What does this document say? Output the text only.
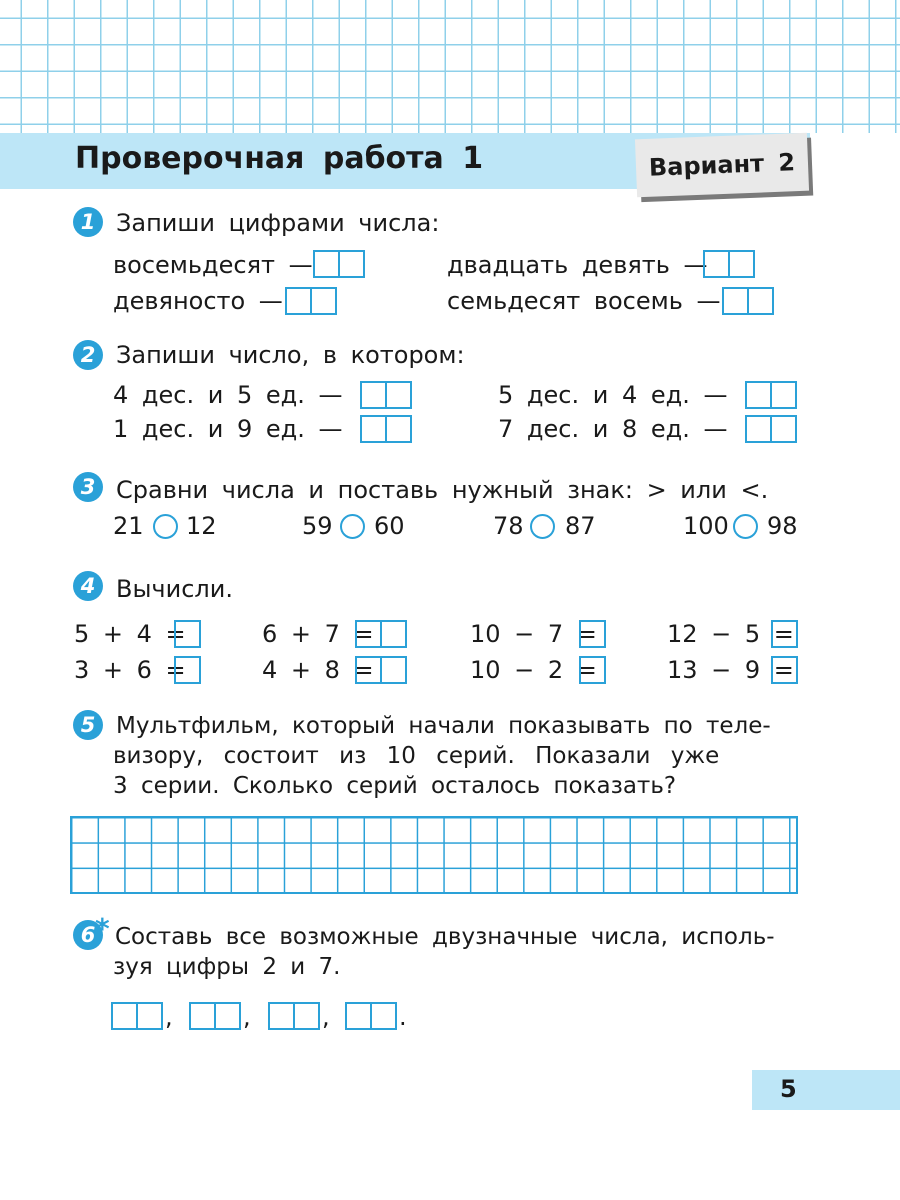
Проверочная работа 1	Вариант 2
1 Запиши цифрами числа:
восемьдесят —	двадцать девять —
девяносто —	семьдесят восемь —
2 Запиши число, в котором:
4 дес. и 5 ед. —	5 дес. и 4 ед. —
1 дес. и 9 ед. —	7 дес. и 8 ед. —
3 Сравни числа и поставь нужный знак: > или <.
21 12	59 60	78 87	100 98
4 Вычисли.
5 + 4 =	6 + 7 =	10 − 7 =	12 − 5 =
3 + 6 =	4 + 8 =	10 − 2 =	13 − 9 =
5 Мультфильм, который начали показывать по теле-
визору, состоит из 10 серий. Показали уже
3 серии. Сколько серий осталось показать?
6 * Составь все возможные двузначные числа, исполь-
зуя цифры 2 и 7.
,	,	,	.
5
